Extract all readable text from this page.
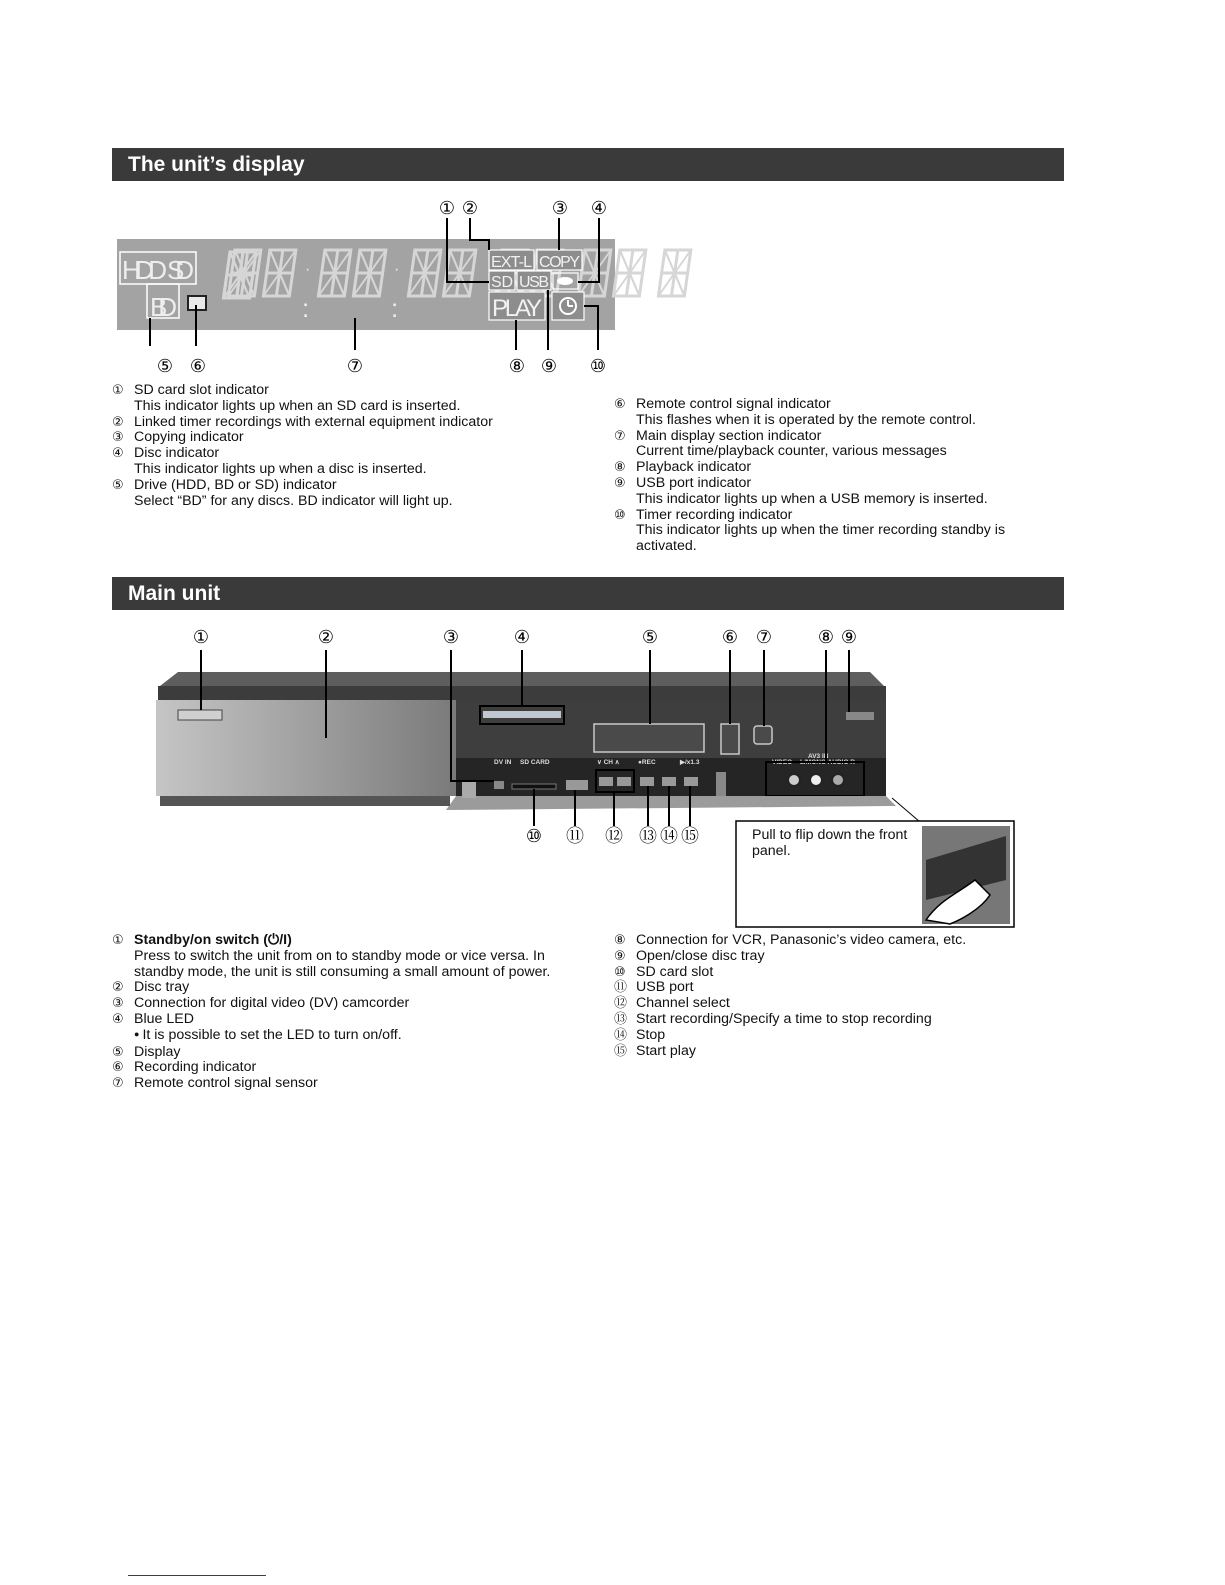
The unit’s display
HDD SD
BD
·	·
:
:
EXT-L COPY
SD USB
PLAY
① ②	③ ④
⑤ ⑥	⑦	⑧ ⑨ ⑩
① SD card slot indicator
This indicator lights up when an SD card is inserted.
② Linked timer recordings with external equipment indicator
③ Copying indicator
④ Disc indicator
This indicator lights up when a disc is inserted.
⑤ Drive (HDD, BD or SD) indicator
Select “BD” for any discs. BD indicator will light up.
⑥ Remote control signal indicator
This flashes when it is operated by the remote control.
⑦ Main display section indicator
Current time/playback counter, various messages
⑧ Playback indicator
⑨ USB port indicator
This indicator lights up when a USB memory is inserted.
⑩ Timer recording indicator
This indicator lights up when the timer recording standby is activated.
Main unit
DV IN SD CARD	∨ CH ∧	●REC	▶/x1.3
AV3 IN
VIDEO L/MONO AUDIO R
①	②	③	④	⑤	⑥ ⑦	⑧ ⑨
⑩ ⑪ ⑫ ⑬ ⑭ ⑮	Pull to flip down the front panel.
① Standby/on switch (⏻/I)
Press to switch the unit from on to standby mode or vice versa. In standby mode, the unit is still consuming a small amount of power.
② Disc tray
③ Connection for digital video (DV) camcorder
④ Blue LED
● It is possible to set the LED to turn on/off.
⑤ Display
⑥ Recording indicator
⑦ Remote control signal sensor
⑧ Connection for VCR, Panasonic’s video camera, etc.
⑨ Open/close disc tray
⑩ SD card slot
⑪ USB port
⑫ Channel select
⑬ Start recording/Specify a time to stop recording
⑭ Stop
⑮ Start play
